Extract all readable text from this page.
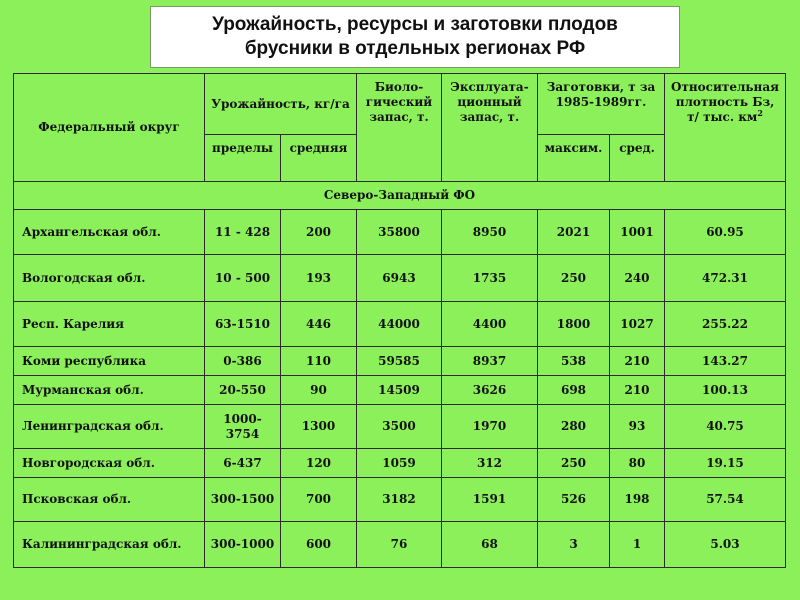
Урожайность, ресурсы и заготовки плодов
брусники в отдельных регионах РФ
Федеральный округ	Урожайность, кг/га		Биоло-гический запас, т.	Эксплуата-ционный запас, т.	Заготовки, т за 1985-1989гг.		Относительная плотность Бз, т/ тыс. $км^2$
	пределы	средняя			максим.	сред.	
Северо-Западный ФО							
Архангельская обл.	11 - 428	200	35800	8950	2021	1001	60.95
Вологодская обл.	10 - 500	193	6943	1735	250	240	472.31
Респ. Карелия	63-1510	446	44000	4400	1800	1027	255.22
Коми республика	0-386	110	59585	8937	538	210	143.27
Мурманская обл.	20-550	90	14509	3626	698	210	100.13
Ленинградская обл.	1000-3754	1300	3500	1970	280	93	40.75
Новгородская обл.	6-437	120	1059	312	250	80	19.15
Псковская обл.	300-1500	700	3182	1591	526	198	57.54
Калининградская обл.	300-1000	600	76	68	3	1	5.03
